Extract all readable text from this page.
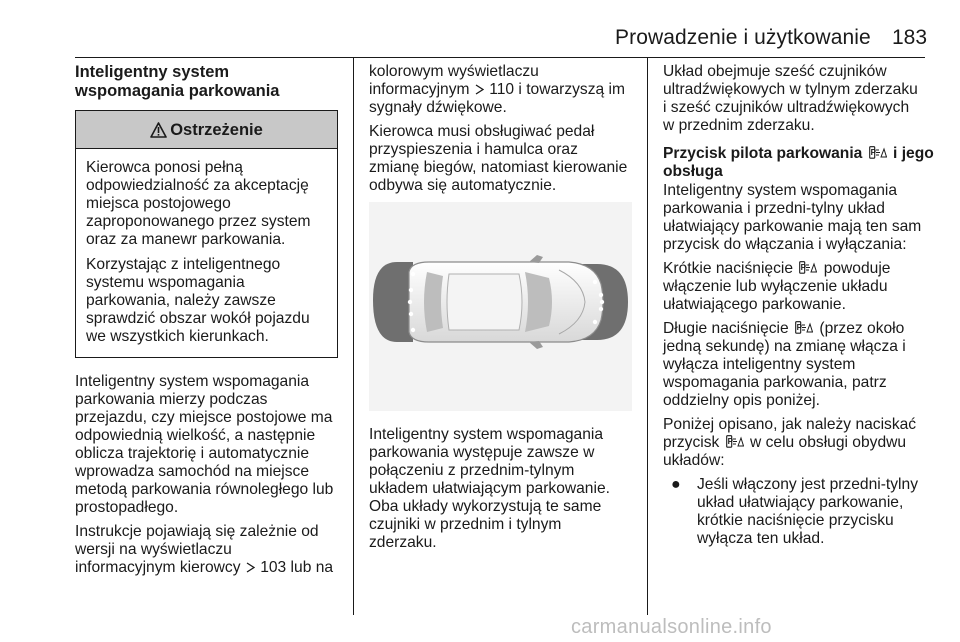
Prowadzenie i użytkowanie 183
Inteligentny system
wspomagania parkowania
Ostrzeżenie

Kierowca ponosi pełną
odpowiedzialność za akceptację
miejsca postojowego
zaproponowanego przez system
oraz za manewr parkowania.

Korzystając z inteligentnego
systemu wspomagania
parkowania, należy zawsze
sprawdzić obszar wokół pojazdu
we wszystkich kierunkach.

Inteligentny system wspomagania
parkowania mierzy podczas
przejazdu, czy miejsce postojowe ma
odpowiednią wielkość, a następnie
oblicza trajektorię i automatycznie
wprowadza samochód na miejsce
metodą parkowania równoległego lub
prostopadłego.

Instrukcje pojawiają się zależnie od
wersji na wyświetlaczu
informacyjnym kierowcy 103 lub na

kolorowym wyświetlaczu
informacyjnym 110 i towarzyszą im
sygnały dźwiękowe.

Kierowca musi obsługiwać pedał
przyspieszenia i hamulca oraz
zmianę biegów, natomiast kierowanie
odbywa się automatycznie.

Inteligentny system wspomagania
parkowania występuje zawsze w
połączeniu z przednim-tylnym
układem ułatwiającym parkowanie.
Oba układy wykorzystują te same
czujniki w przednim i tylnym
zderzaku.

Układ obejmuje sześć czujników
ultradźwiękowych w tylnym zderzaku
i sześć czujników ultradźwiękowych
w przednim zderzaku.

Przycisk pilota parkowania P i jego
obsługa

Inteligentny system wspomagania
parkowania i przedni-tylny układ
ułatwiający parkowanie mają ten sam
przycisk do włączania i wyłączania:

Krótkie naciśnięcie P powoduje
włączenie lub wyłączenie układu
ułatwiającego parkowanie.

Długie naciśnięcie P (przez około
jedną sekundę) na zmianę włącza i
wyłącza inteligentny system
wspomagania parkowania, patrz
oddzielny opis poniżej.

Poniżej opisano, jak należy naciskać
przycisk P w celu obsługi obydwu
układów:

●	Jeśli włączony jest przedni-tylny
układ ułatwiający parkowanie,
krótkie naciśnięcie przycisku
wyłącza ten układ.
carmanualsonline.info
